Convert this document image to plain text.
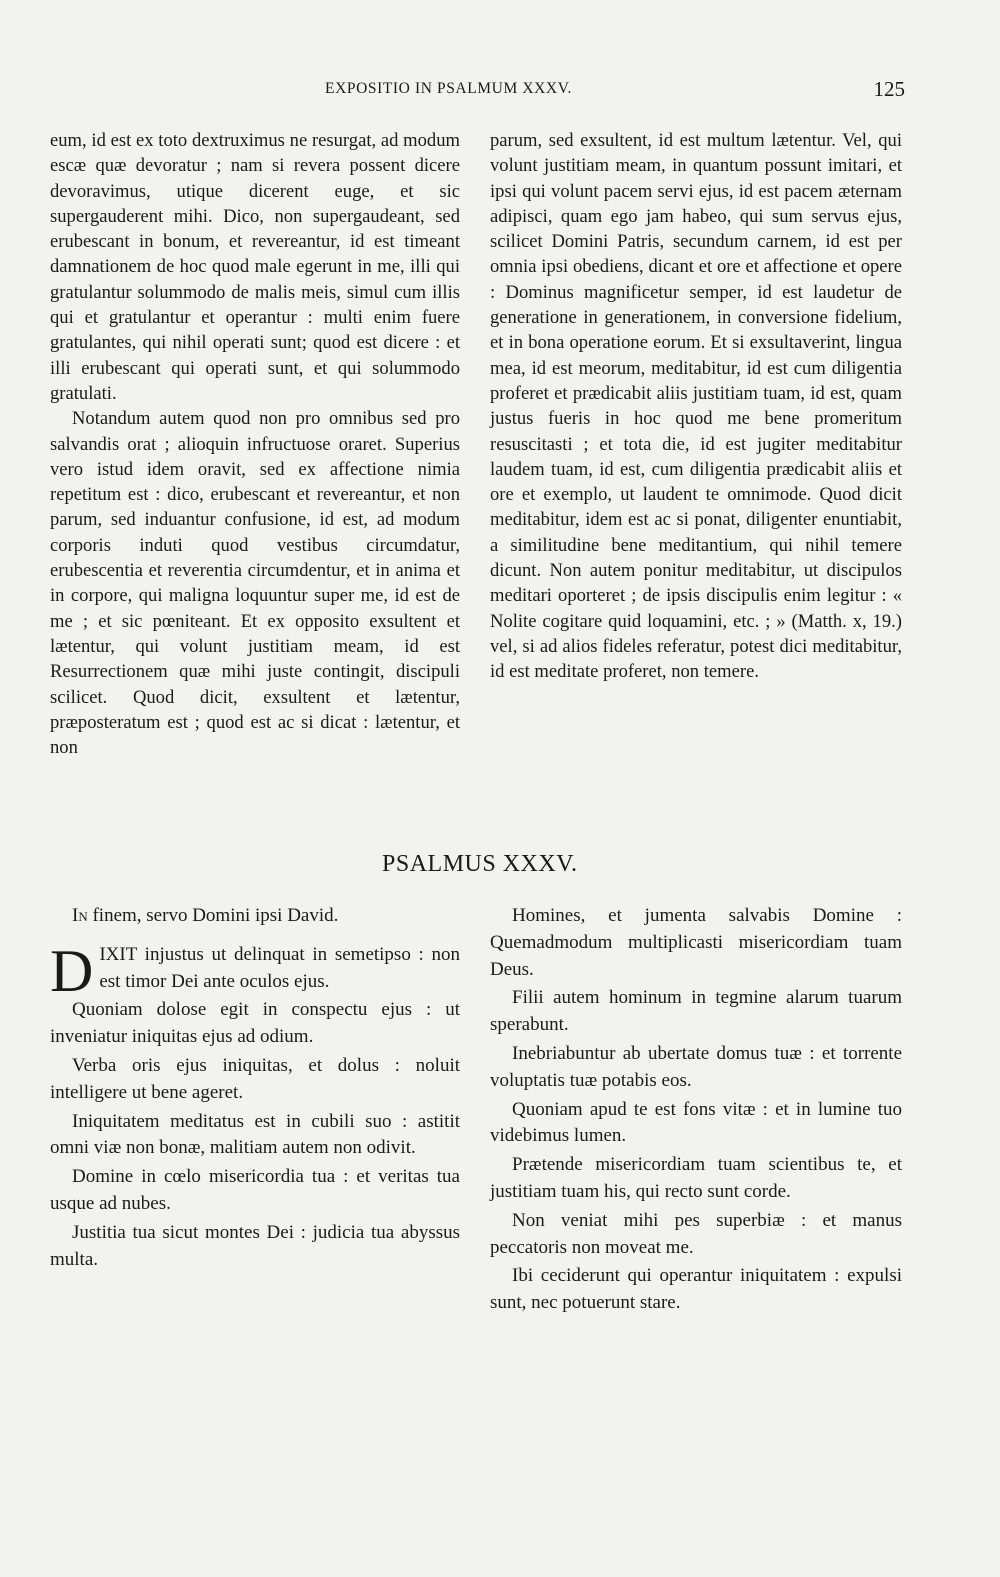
EXPOSITIO IN PSALMUM XXXV.	125

eum, id est ex toto dextruximus ne resurgat, ad modum escæ quæ devoratur ; nam si revera possent dicere devoravimus, utique dicerent euge, et sic supergauderent mihi. Dico, non supergaudeant, sed erubescant in bonum, et revereantur, id est timeant damnationem de hoc quod male egerunt in me, illi qui gratulantur solummodo de malis meis, simul cum illis qui et gratulantur et operantur : multi enim fuere gratulantes, qui nihil operati sunt; quod est dicere : et illi erubescant qui operati sunt, et qui solummodo gratulati.

Notandum autem quod non pro omnibus sed pro salvandis orat ; alioquin infructuose oraret. Superius vero istud idem oravit, sed ex affectione nimia repetitum est : dico, erubescant et revereantur, et non parum, sed induantur confusione, id est, ad modum corporis induti quod vestibus circumdatur, erubescentia et reverentia circumdentur, et in anima et in corpore, qui maligna loquuntur super me, id est de me ; et sic pœniteant. Et ex opposito exsultent et lætentur, qui volunt justitiam meam, id est Resurrectionem quæ mihi juste contingit, discipuli scilicet. Quod dicit, exsultent et lætentur, præposteratum est ; quod est ac si dicat : lætentur, et non

parum, sed exsultent, id est multum lætentur. Vel, qui volunt justitiam meam, in quantum possunt imitari, et ipsi qui volunt pacem servi ejus, id est pacem æternam adipisci, quam ego jam habeo, qui sum servus ejus, scilicet Domini Patris, secundum carnem, id est per omnia ipsi obediens, dicant et ore et affectione et opere : Dominus magnificetur semper, id est laudetur de generatione in generationem, in conversione fidelium, et in bona operatione eorum. Et si exsultaverint, lingua mea, id est meorum, meditabitur, id est cum diligentia proferet et prædicabit aliis justitiam tuam, id est, quam justus fueris in hoc quod me bene promeritum resuscitasti ; et tota die, id est jugiter meditabitur laudem tuam, id est, cum diligentia prædicabit aliis et ore et exemplo, ut laudent te omnimode. Quod dicit meditabitur, idem est ac si ponat, diligenter enuntiabit, a similitudine bene meditantium, qui nihil temere dicunt. Non autem ponitur meditabitur, ut discipulos meditari oporteret ; de ipsis discipulis enim legitur : « Nolite cogitare quid loquamini, etc. ; » (Matth. x, 19.) vel, si ad alios fideles referatur, potest dici meditabitur, id est meditate proferet, non temere.

PSALMUS XXXV.

In finem, servo Domini ipsi David.

DIXIT injustus ut delinquat in semetipso : non est timor Dei ante oculos ejus.

Quoniam dolose egit in conspectu ejus : ut inveniatur iniquitas ejus ad odium.

Verba oris ejus iniquitas, et dolus : noluit intelligere ut bene ageret.

Iniquitatem meditatus est in cubili suo : astitit omni viæ non bonæ, malitiam autem non odivit.

Domine in cœlo misericordia tua : et veritas tua usque ad nubes.

Justitia tua sicut montes Dei : judicia tua abyssus multa.

Homines, et jumenta salvabis Domine : Quemadmodum multiplicasti misericordiam tuam Deus.

Filii autem hominum in tegmine alarum tuarum sperabunt.

Inebriabuntur ab ubertate domus tuæ : et torrente voluptatis tuæ potabis eos.

Quoniam apud te est fons vitæ : et in lumine tuo videbimus lumen.

Prætende misericordiam tuam scientibus te, et justitiam tuam his, qui recto sunt corde.

Non veniat mihi pes superbiæ : et manus peccatoris non moveat me.

Ibi ceciderunt qui operantur iniquitatem : expulsi sunt, nec potuerunt stare.
